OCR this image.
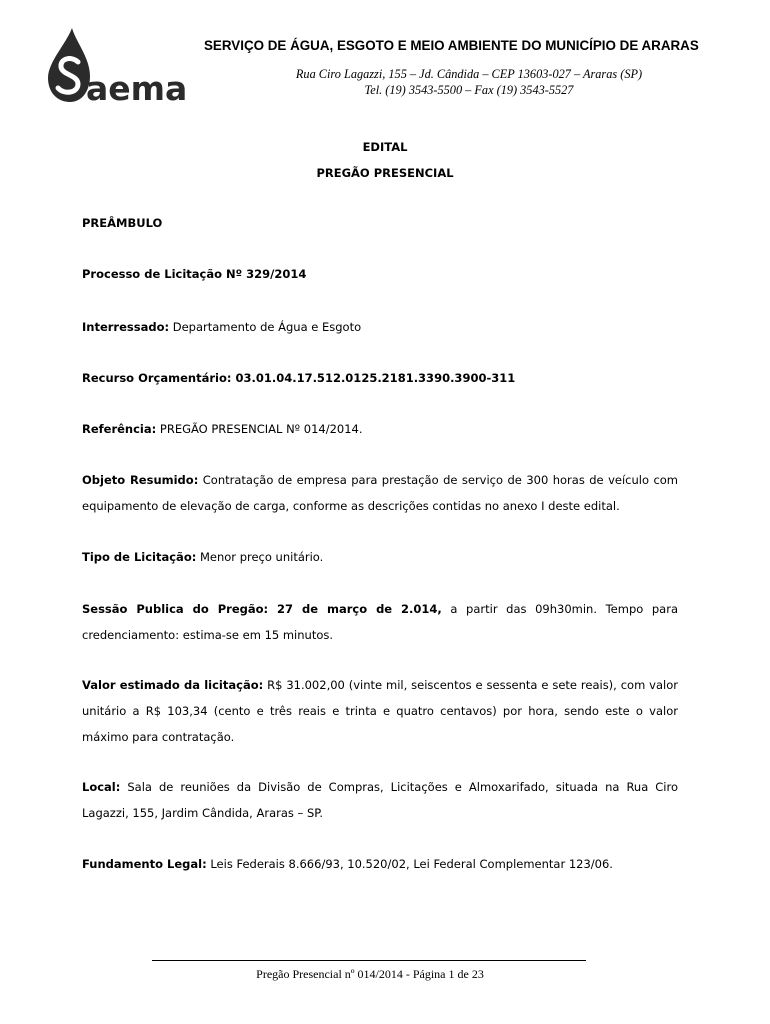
aema
SERVIÇO DE ÁGUA, ESGOTO E MEIO AMBIENTE DO MUNICÍPIO DE ARARAS
Rua Ciro Lagazzi, 155 – Jd. Cândida – CEP 13603-027 – Araras (SP)
Tel. (19) 3543-5500 – Fax (19) 3543-5527
EDITAL
PREGÃO PRESENCIAL
PREÂMBULO
Processo de Licitação Nº 329/2014
Interressado: Departamento de Água e Esgoto
Recurso Orçamentário: 03.01.04.17.512.0125.2181.3390.3900-311
Referência: PREGÃO PRESENCIAL Nº 014/2014.
Objeto Resumido: Contratação de empresa para prestação de serviço de 300 horas de veículo com equipamento de elevação de carga, conforme as descrições contidas no anexo I deste edital.
Tipo de Licitação: Menor preço unitário.
Sessão Publica do Pregão: 27 de março de 2.014, a partir das 09h30min. Tempo para credenciamento: estima-se em 15 minutos.
Valor estimado da licitação: R$ 31.002,00 (vinte mil, seiscentos e sessenta e sete reais), com valor unitário a R$ 103,34 (cento e três reais e trinta e quatro centavos) por hora, sendo este o valor máximo para contratação.
Local: Sala de reuniões da Divisão de Compras, Licitações e Almoxarifado, situada na Rua Ciro Lagazzi, 155, Jardim Cândida, Araras – SP.
Fundamento Legal: Leis Federais 8.666/93, 10.520/02, Lei Federal Complementar 123/06.
Pregão Presencial nº 014/2014 - Página 1 de 23
